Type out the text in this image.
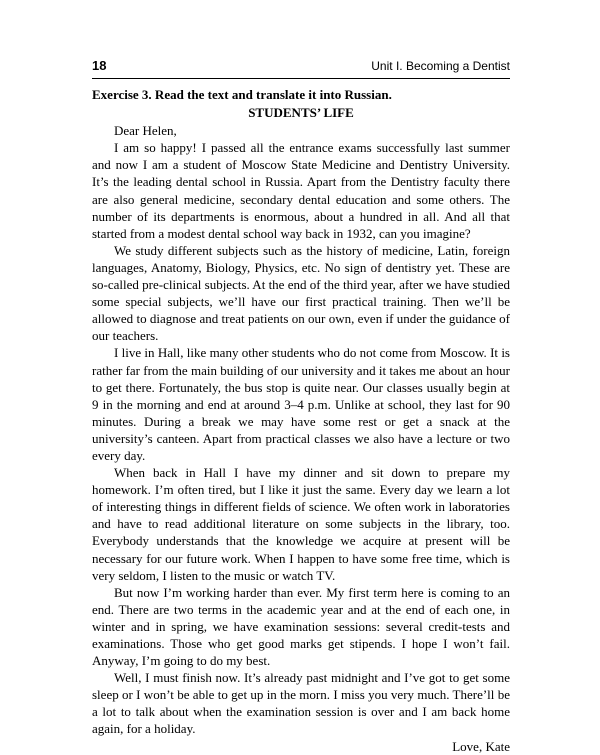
18	Unit I. Becoming a Dentist
Exercise 3. Read the text and translate it into Russian.
STUDENTS’ LIFE

Dear Helen,

I am so happy! I passed all the entrance exams successfully last summer and now I am a student of Moscow State Medicine and Dentistry University. It’s the leading dental school in Russia. Apart from the Dentistry faculty there are also general medicine, secondary dental education and some others. The number of its departments is enormous, about a hundred in all. And all that started from a modest dental school way back in 1932, can you imagine?

We study different subjects such as the history of medicine, Latin, foreign languages, Anatomy, Biology, Physics, etc. No sign of dentistry yet. These are so-called pre-clinical subjects. At the end of the third year, after we have studied some special subjects, we’ll have our first practical training. Then we’ll be allowed to diagnose and treat patients on our own, even if under the guidance of our teachers.

I live in Hall, like many other students who do not come from Moscow. It is rather far from the main building of our university and it takes me about an hour to get there. Fortunately, the bus stop is quite near. Our classes usually begin at 9 in the morning and end at around 3–4 p.m. Unlike at school, they last for 90 minutes. During a break we may have some rest or get a snack at the university’s canteen. Apart from practical classes we also have a lecture or two every day.

When back in Hall I have my dinner and sit down to prepare my homework. I’m often tired, but I like it just the same. Every day we learn a lot of interesting things in different fields of science. We often work in laboratories and have to read additional literature on some subjects in the library, too. Everybody understands that the knowledge we acquire at present will be necessary for our future work. When I happen to have some free time, which is very seldom, I listen to the music or watch TV.

But now I’m working harder than ever. My first term here is coming to an end. There are two terms in the academic year and at the end of each one, in winter and in spring, we have examination sessions: several credit-tests and examinations. Those who get good marks get stipends. I hope I won’t fail. Anyway, I’m going to do my best.

Well, I must finish now. It’s already past midnight and I’ve got to get some sleep or I won’t be able to get up in the morn. I miss you very much. There’ll be a lot to talk about when the examination session is over and I am back home again, for a holiday.

Love, Kate
